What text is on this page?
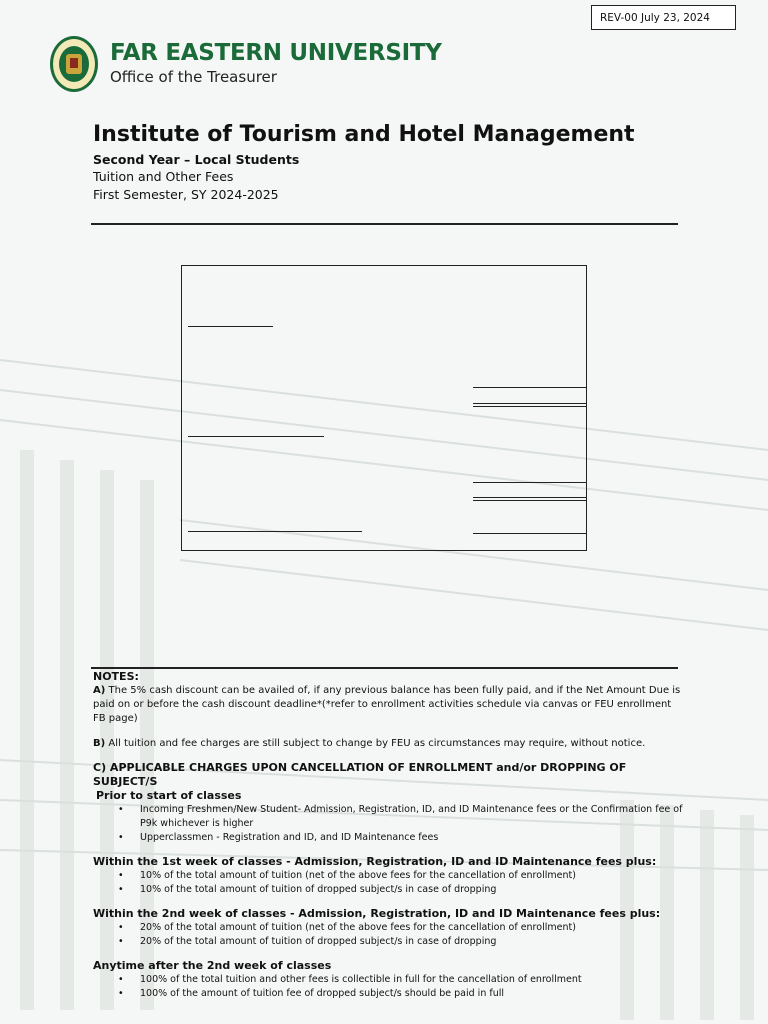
REV-00 July 23, 2024
FAR EASTERN UNIVERSITY
Office of the Treasurer
Institute of Tourism and Hotel Management
Second Year – Local Students
Tuition and Other Fees
First Semester, SY 2024-2025

NOTES:

A) The 5% cash discount can be availed of, if any previous balance has been fully paid, and if the Net Amount Due is paid on or before the cash discount deadline*(*refer to enrollment activities schedule via canvas or FEU enrollment FB page)

B) All tuition and fee charges are still subject to change by FEU as circumstances may require, without notice.

C) APPLICABLE CHARGES UPON CANCELLATION OF ENROLLMENT and/or DROPPING OF SUBJECT/S

Prior to start of classes

• Incoming Freshmen/New Student- Admission, Registration, ID, and ID Maintenance fees or the Confirmation fee of P9k whichever is higher
• Upperclassmen - Registration and ID, and ID Maintenance fees

Within the 1st week of classes - Admission, Registration, ID and ID Maintenance fees plus:

• 10% of the total amount of tuition (net of the above fees for the cancellation of enrollment)
• 10% of the total amount of tuition of dropped subject/s in case of dropping

Within the 2nd week of classes - Admission, Registration, ID and ID Maintenance fees plus:

• 20% of the total amount of tuition (net of the above fees for the cancellation of enrollment)
• 20% of the total amount of tuition of dropped subject/s in case of dropping

Anytime after the 2nd week of classes

• 100% of the total tuition and other fees is collectible in full for the cancellation of enrollment
• 100% of the amount of tuition fee of dropped subject/s should be paid in full
